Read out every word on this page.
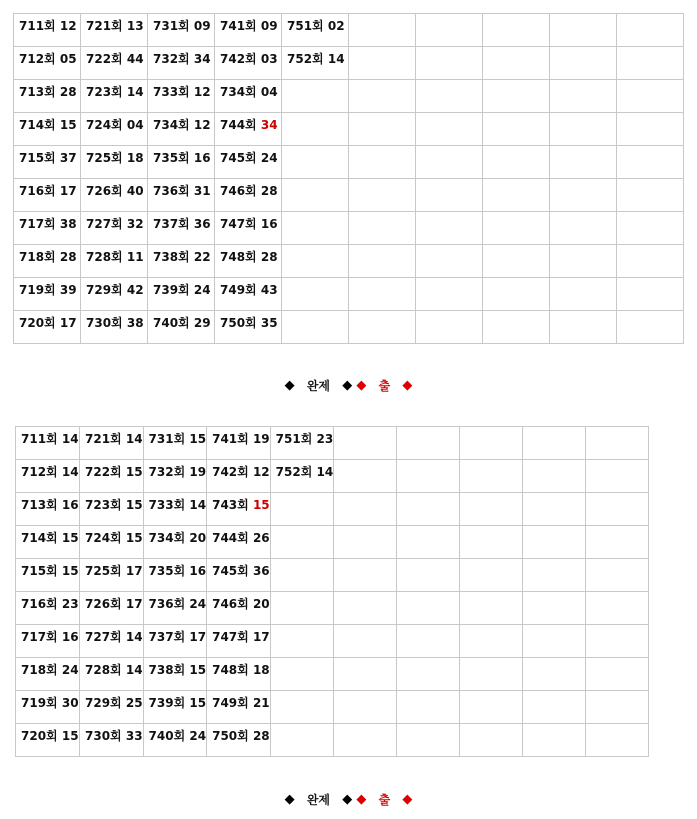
711회 12	721회 13	731회 09	741회 09	751회 02					
712회 05	722회 44	732회 34	742회 03	752회 14					
713회 28	723회 14	733회 12	734회 04						
714회 15	724회 04	734회 12	744회 34						
715회 37	725회 18	735회 16	745회 24						
716회 17	726회 40	736회 31	746회 28						
717회 38	727회 32	737회 36	747회 16						
718회 28	728회 11	738회 22	748회 28						
719회 39	729회 42	739회 24	749회 43						
720회 17	730회 38	740회 29	750회 35						
◆ 완제 ◆ ◆ 출 ◆
711회 14	721회 14	731회 15	741회 19	751회 23					
712회 14	722회 15	732회 19	742회 12	752회 14					
713회 16	723회 15	733회 14	743회 15						
714회 15	724회 15	734회 20	744회 26						
715회 15	725회 17	735회 16	745회 36						
716회 23	726회 17	736회 24	746회 20						
717회 16	727회 14	737회 17	747회 17						
718회 24	728회 14	738회 15	748회 18						
719회 30	729회 25	739회 15	749회 21						
720회 15	730회 33	740회 24	750회 28						
◆ 완제 ◆ ◆ 출 ◆
